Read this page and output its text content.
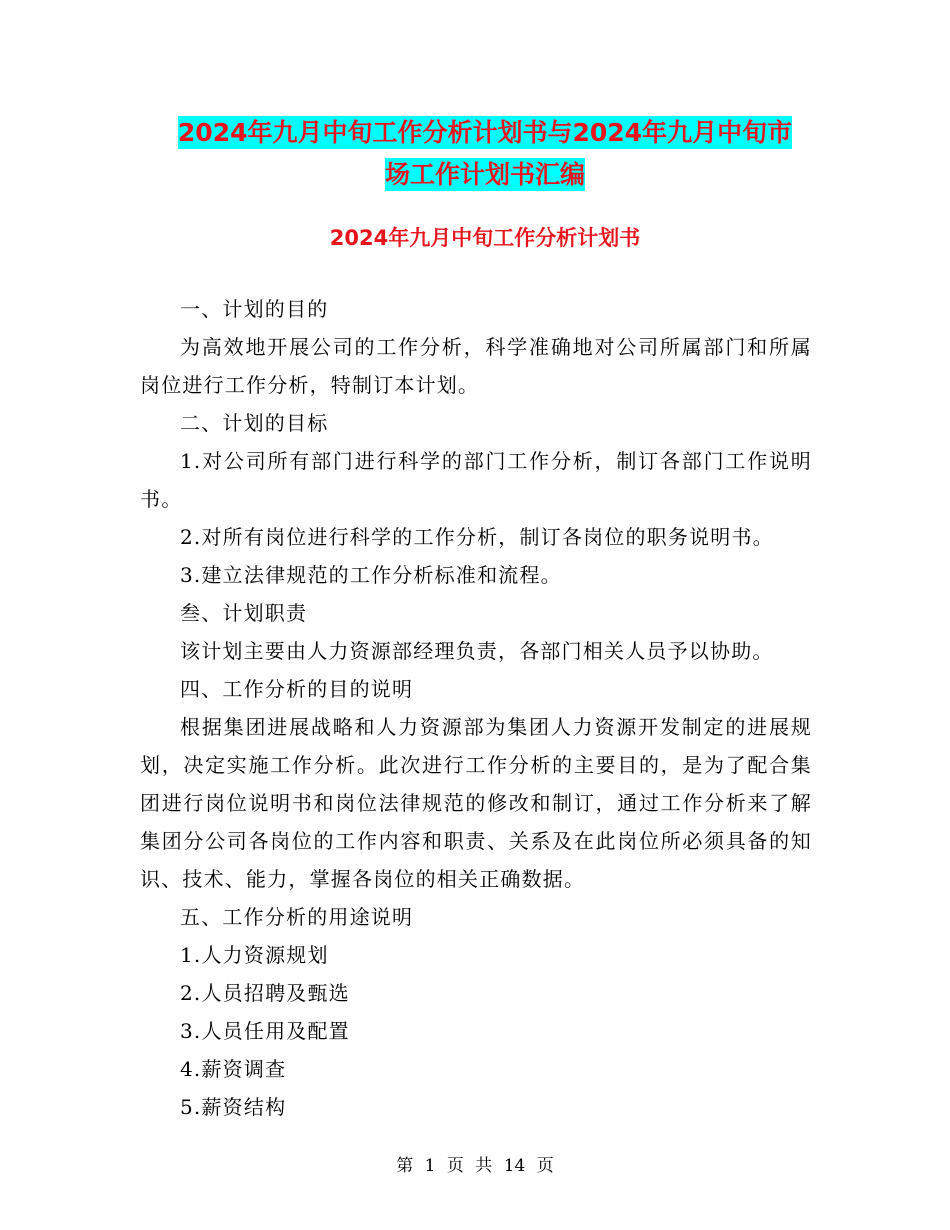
2024年九月中旬工作分析计划书与2024年九月中旬市
场工作计划书汇编
2024年九月中旬工作分析计划书

一、计划的目的

为高效地开展公司的工作分析，科学准确地对公司所属部门和所属岗位进行工作分析，特制订本计划。

二、计划的目标

1.对公司所有部门进行科学的部门工作分析，制订各部门工作说明书。

2.对所有岗位进行科学的工作分析，制订各岗位的职务说明书。

3.建立法律规范的工作分析标准和流程。

叁、计划职责

该计划主要由人力资源部经理负责，各部门相关人员予以协助。

四、工作分析的目的说明

根据集团进展战略和人力资源部为集团人力资源开发制定的进展规划，决定实施工作分析。此次进行工作分析的主要目的，是为了配合集团进行岗位说明书和岗位法律规范的修改和制订，通过工作分析来了解集团分公司各岗位的工作内容和职责、关系及在此岗位所必须具备的知识、技术、能力，掌握各岗位的相关正确数据。

五、工作分析的用途说明

1.人力资源规划

2.人员招聘及甄选

3.人员任用及配置

4.薪资调查

5.薪资结构

第 1 页 共 14 页
